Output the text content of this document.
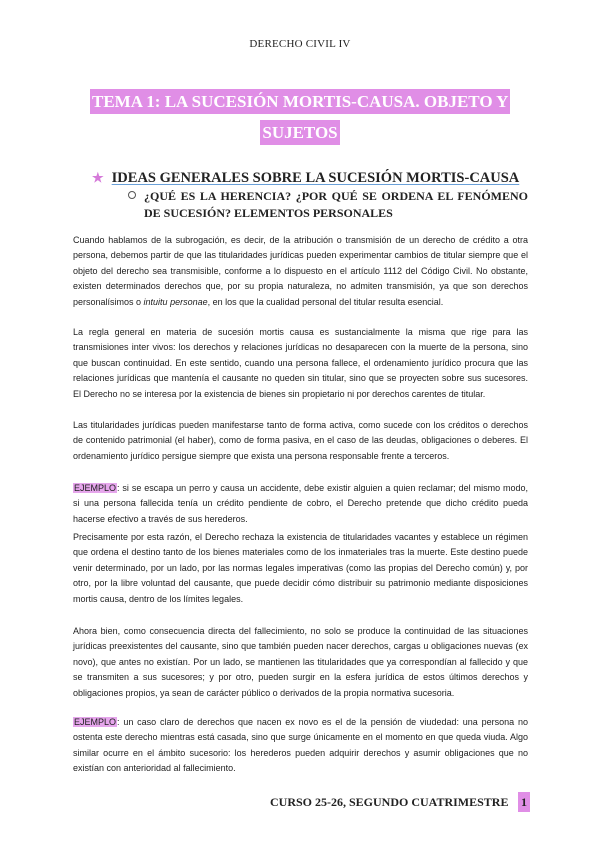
DERECHO CIVIL IV
TEMA 1: LA SUCESIÓN MORTIS-CAUSA. OBJETO Y SUJETOS
★ IDEAS GENERALES SOBRE LA SUCESIÓN MORTIS-CAUSA
¿QUÉ ES LA HERENCIA? ¿POR QUÉ SE ORDENA EL FENÓMENO DE SUCESIÓN? ELEMENTOS PERSONALES
Cuando hablamos de la subrogación, es decir, de la atribución o transmisión de un derecho de crédito a otra persona, debemos partir de que las titularidades jurídicas pueden experimentar cambios de titular siempre que el objeto del derecho sea transmisible, conforme a lo dispuesto en el artículo 1112 del Código Civil. No obstante, existen determinados derechos que, por su propia naturaleza, no admiten transmisión, ya que son derechos personalísimos o intuitu personae, en los que la cualidad personal del titular resulta esencial.
La regla general en materia de sucesión mortis causa es sustancialmente la misma que rige para las transmisiones inter vivos: los derechos y relaciones jurídicas no desaparecen con la muerte de la persona, sino que buscan continuidad. En este sentido, cuando una persona fallece, el ordenamiento jurídico procura que las relaciones jurídicas que mantenía el causante no queden sin titular, sino que se proyecten sobre sus sucesores. El Derecho no se interesa por la existencia de bienes sin propietario ni por derechos carentes de titular.
Las titularidades jurídicas pueden manifestarse tanto de forma activa, como sucede con los créditos o derechos de contenido patrimonial (el haber), como de forma pasiva, en el caso de las deudas, obligaciones o deberes. El ordenamiento jurídico persigue siempre que exista una persona responsable frente a terceros.
EJEMPLO: si se escapa un perro y causa un accidente, debe existir alguien a quien reclamar; del mismo modo, si una persona fallecida tenía un crédito pendiente de cobro, el Derecho pretende que dicho crédito pueda hacerse efectivo a través de sus herederos.
Precisamente por esta razón, el Derecho rechaza la existencia de titularidades vacantes y establece un régimen que ordena el destino tanto de los bienes materiales como de los inmateriales tras la muerte. Este destino puede venir determinado, por un lado, por las normas legales imperativas (como las propias del Derecho común) y, por otro, por la libre voluntad del causante, que puede decidir cómo distribuir su patrimonio mediante disposiciones mortis causa, dentro de los límites legales.
Ahora bien, como consecuencia directa del fallecimiento, no solo se produce la continuidad de las situaciones jurídicas preexistentes del causante, sino que también pueden nacer derechos, cargas u obligaciones nuevas (ex novo), que antes no existían. Por un lado, se mantienen las titularidades que ya correspondían al fallecido y que se transmiten a sus sucesores; y por otro, pueden surgir en la esfera jurídica de estos últimos derechos y obligaciones propios, ya sean de carácter público o derivados de la propia normativa sucesoria.
EJEMPLO: un caso claro de derechos que nacen ex novo es el de la pensión de viudedad: una persona no ostenta este derecho mientras está casada, sino que surge únicamente en el momento en que queda viuda. Algo similar ocurre en el ámbito sucesorio: los herederos pueden adquirir derechos y asumir obligaciones que no existían con anterioridad al fallecimiento.
CURSO 25-26, SEGUNDO CUATRIMESTRE 1
